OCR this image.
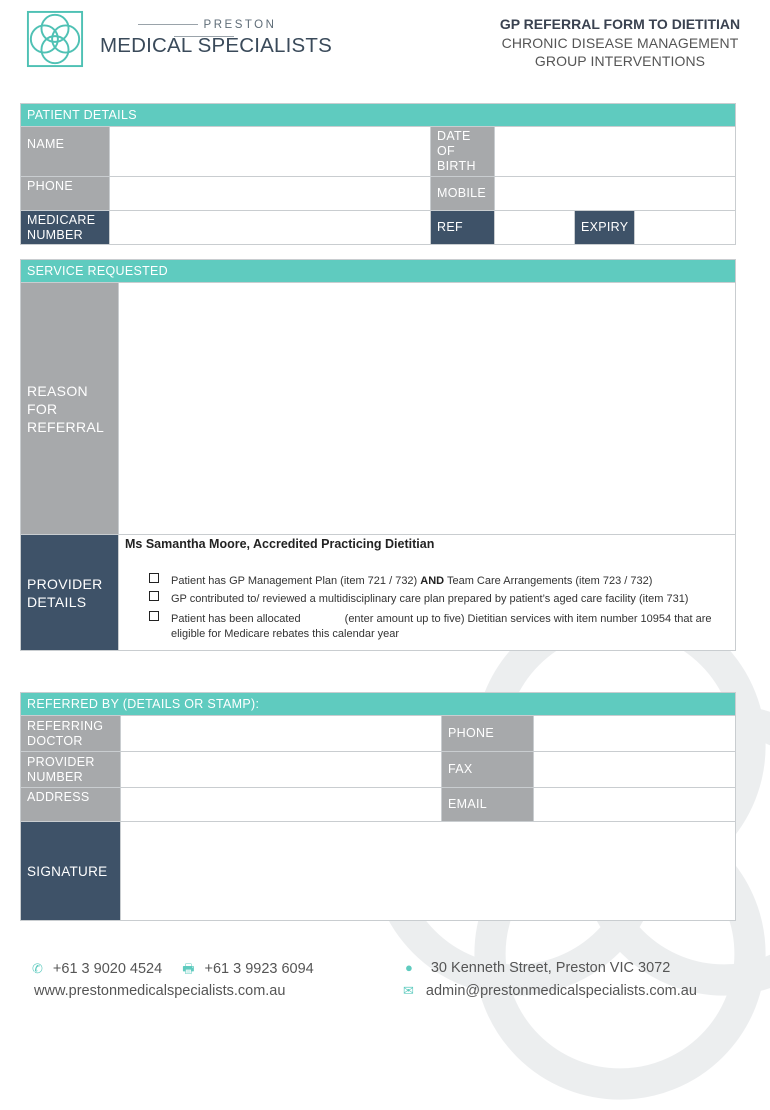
PRESTON
MEDICAL SPECIALISTS
GP REFERRAL FORM TO DIETITIAN
CHRONIC DISEASE MANAGEMENT
GROUP INTERVENTIONS
PATIENT DETAILS					
NAME		DATE OF BIRTH			
PHONE		MOBILE			
MEDICARE NUMBER		REF		EXPIRY	
SERVICE REQUESTED	
REASON FOR REFERRAL	
PROVIDER DETAILS	Ms Samantha Moore, Accredited Practicing Dietitian
Patient has GP Management Plan (item 721 / 732) AND Team Care Arrangements (item 723 / 732)
GP contributed to/ reviewed a multidisciplinary care plan prepared by patient’s aged care facility (item 731)
Patient has been allocated (enter amount up to five) Dietitian services with item number 10954 that are eligible for Medicare rebates this calendar year
REFERRED BY (DETAILS OR STAMP):			
REFERRING DOCTOR		PHONE	
PROVIDER NUMBER		FAX	
ADDRESS		EMAIL	
SIGNATURE			
✆ +61 3 9020 4524 🖶 +61 3 9923 6094
www.prestonmedicalspecialists.com.au
● 30 Kenneth Street, Preston VIC 3072
✉ admin@prestonmedicalspecialists.com.au
